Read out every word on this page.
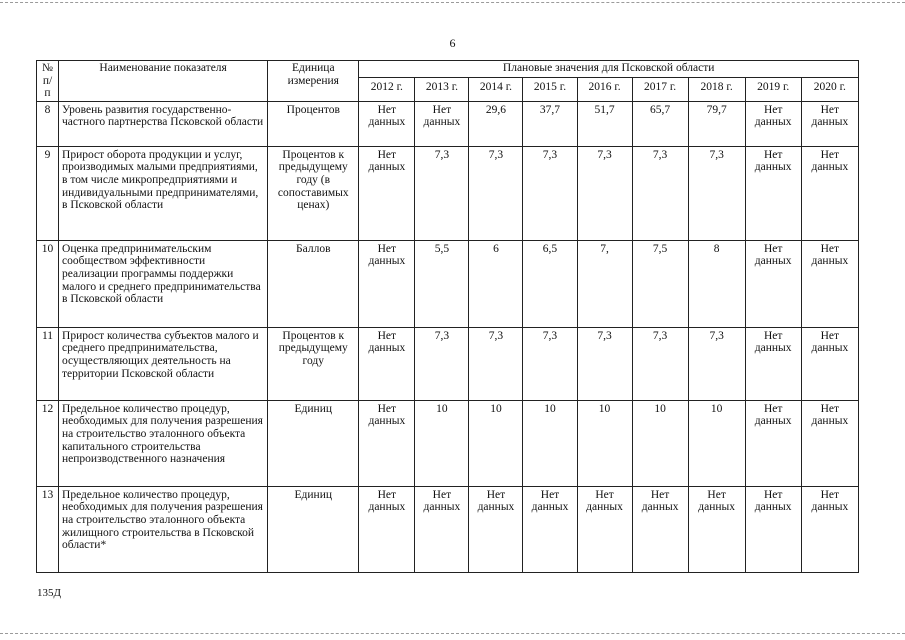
6
№ п/п	Наименование показателя	Единица измерения	Плановые значения для Псковской области								
			2012 г.	2013 г.	2014 г.	2015 г.	2016 г.	2017 г.	2018 г.	2019 г.	2020 г.
8	Уровень развития государственно-частного партнерства Псковской области	Процентов	Нет данных	Нет данных	29,6	37,7	51,7	65,7	79,7	Нет данных	Нет данных
9	Прирост оборота продукции и услуг, производимых малыми предприятиями, в том числе микропредприятиями и индивидуальными предпринимателями, в Псковской области	Процентов к предыдущему году (в сопоставимых ценах)	Нет данных	7,3	7,3	7,3	7,3	7,3	7,3	Нет данных	Нет данных
10	Оценка предпринимательским сообществом эффективности реализации программы поддержки малого и среднего предпринимательства в Псковской области	Баллов	Нет данных	5,5	6	6,5	7,	7,5	8	Нет данных	Нет данных
11	Прирост количества субъектов малого и среднего предпринимательства, осуществляющих деятельность на территории Псковской области	Процентов к предыдущему году	Нет данных	7,3	7,3	7,3	7,3	7,3	7,3	Нет данных	Нет данных
12	Предельное количество процедур, необходимых для получения разрешения на строительство эталонного объекта капитального строительства непроизводственного назначения	Единиц	Нет данных	10	10	10	10	10	10	Нет данных	Нет данных
13	Предельное количество процедур, необходимых для получения разрешения на строительство эталонного объекта жилищного строительства в Псковской области*	Единиц	Нет данных	Нет данных	Нет данных	Нет данных	Нет данных	Нет данных	Нет данных	Нет данных	Нет данных
135Д
